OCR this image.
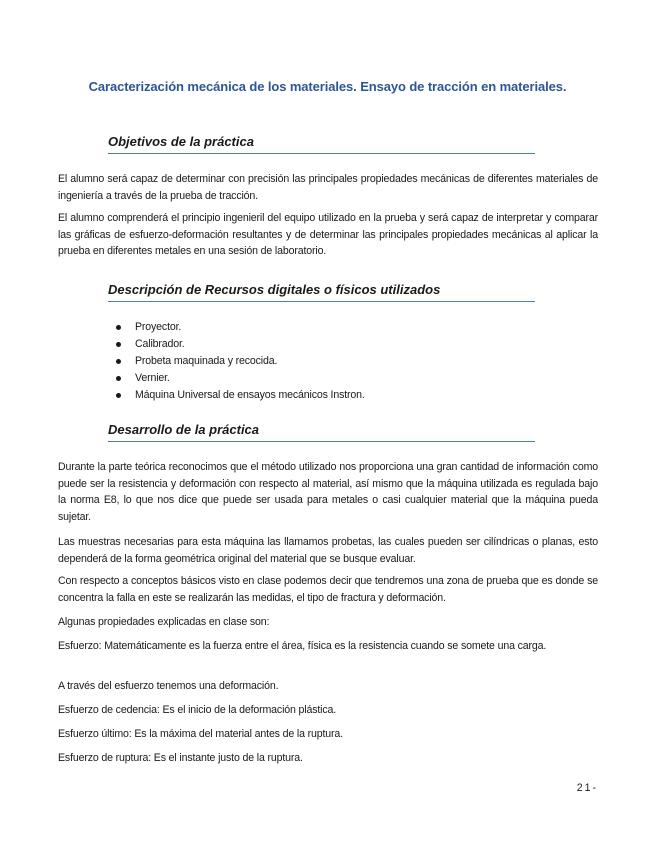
Caracterización mecánica de los materiales. Ensayo de tracción en materiales.
Objetivos de la práctica

El alumno será capaz de determinar con precisión las principales propiedades mecánicas de diferentes materiales de ingeniería a través de la prueba de tracción.

El alumno comprenderá el principio ingenieril del equipo utilizado en la prueba y será capaz de interpretar y comparar las gráficas de esfuerzo-deformación resultantes y de determinar las principales propiedades mecánicas al aplicar la prueba en diferentes metales en una sesión de laboratorio.

Descripción de Recursos digitales o físicos utilizados
Proyector.
Calibrador.
Probeta maquinada y recocida.
Vernier.
Máquina Universal de ensayos mecánicos Instron.
Desarrollo de la práctica

Durante la parte teórica reconocimos que el método utilizado nos proporciona una gran cantidad de información como puede ser la resistencia y deformación con respecto al material, así mismo que la máquina utilizada es regulada bajo la norma E8, lo que nos dice que puede ser usada para metales o casi cualquier material que la máquina pueda sujetar.

Las muestras necesarias para esta máquina las llamamos probetas, las cuales pueden ser cilíndricas o planas, esto dependerá de la forma geométrica original del material que se busque evaluar.

Con respecto a conceptos básicos visto en clase podemos decir que tendremos una zona de prueba que es donde se concentra la falla en este se realizarán las medidas, el tipo de fractura y deformación.

Algunas propiedades explicadas en clase son:

Esfuerzo: Matemáticamente es la fuerza entre el área, física es la resistencia cuando se somete una carga.

A través del esfuerzo tenemos una deformación.

Esfuerzo de cedencia: Es el inicio de la deformación plástica.

Esfuerzo último: Es la máxima del material antes de la ruptura.

Esfuerzo de ruptura: Es el instante justo de la ruptura.

21-
